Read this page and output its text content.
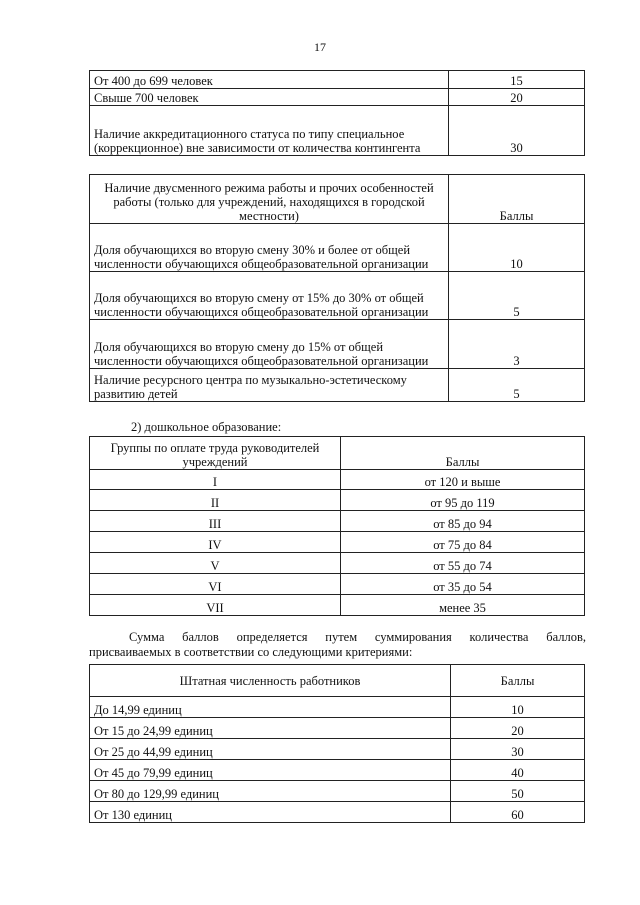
17
От 400 до 699 человек	15
Свыше 700 человек	20
Наличие аккредитационного статуса по типу специальное (коррекционное) вне зависимости от количества контингента	30
Наличие двусменного режима работы и прочих особенностей работы (только для учреждений, находящихся в городской местности)	Баллы
Доля обучающихся во вторую смену 30% и более от общей численности обучающихся общеобразовательной организации	10
Доля обучающихся во вторую смену от 15% до 30% от общей численности обучающихся общеобразовательной организации	5
Доля обучающихся во вторую смену до 15% от общей численности обучающихся общеобразовательной организации	3
Наличие ресурсного центра по музыкально-эстетическому развитию детей	5
2) дошкольное образование:
Группы по оплате труда руководителей учреждений	Баллы
I	от 120 и выше
II	от 95 до 119
III	от 85 до 94
IV	от 75 до 84
V	от 55 до 74
VI	от 35 до 54
VII	менее 35
Сумма баллов определяется путем суммирования количества баллов,
присваиваемых в соответствии со следующими критериями:
Штатная численность работников	Баллы
До 14,99 единиц	10
От 15 до 24,99 единиц	20
От 25 до 44,99 единиц	30
От 45 до 79,99 единиц	40
От 80 до 129,99 единиц	50
От 130 единиц	60
